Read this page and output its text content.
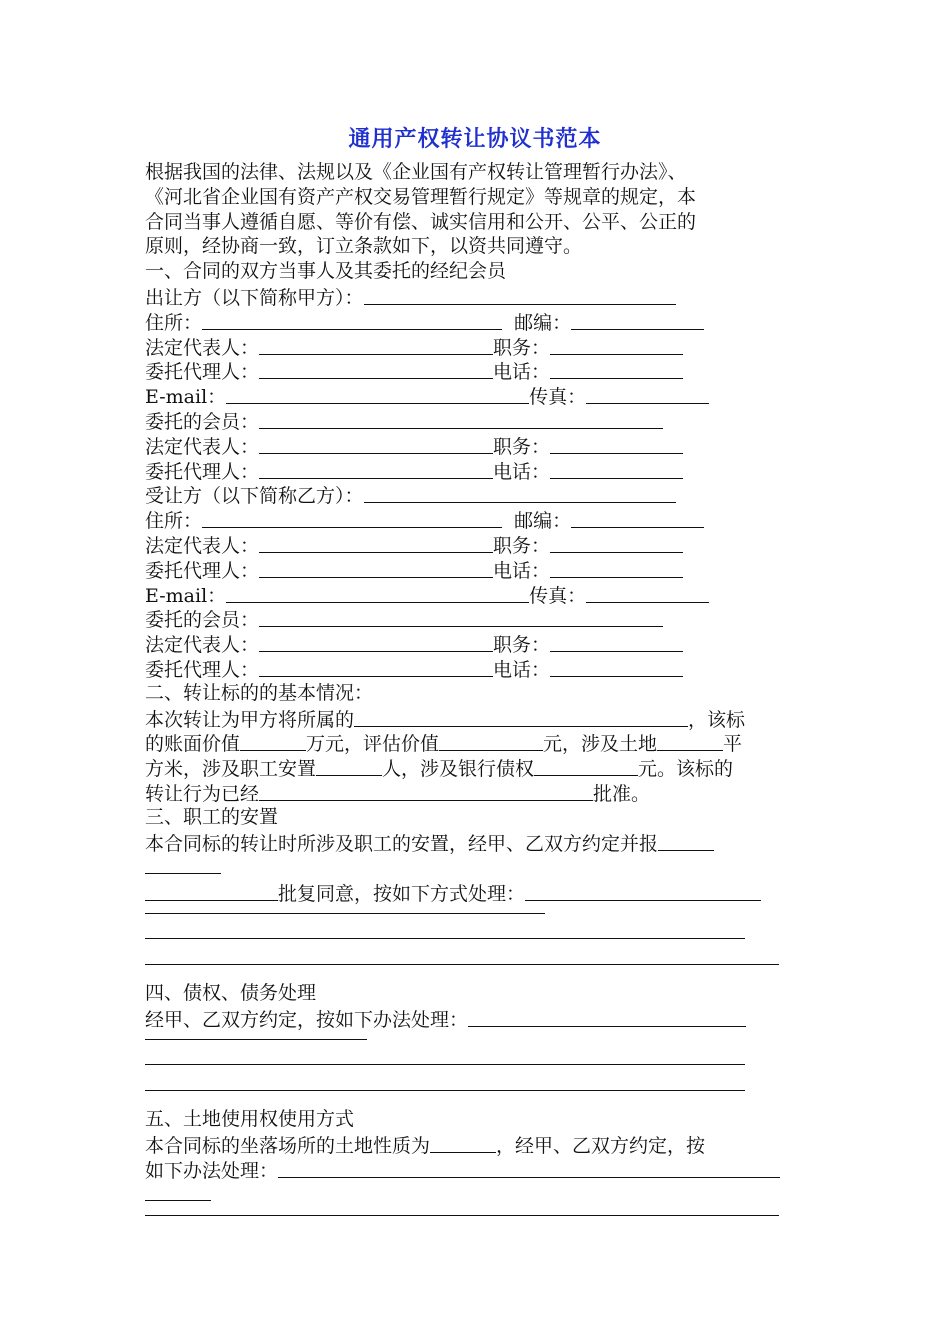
通用产权转让协议书范本
根据我国的法律、法规以及《企业国有产权转让管理暂行办法》、
《河北省企业国有资产产权交易管理暂行规定》等规章的规定，本
合同当事人遵循自愿、等价有偿、诚实信用和公开、公平、公正的
原则，经协商一致，订立条款如下，以资共同遵守。
一、合同的双方当事人及其委托的经纪会员
出让方（以下简称甲方）：
住所：	邮编：
法定代表人：	职务：
委托代理人：	电话：
E-mail：	传真：
委托的会员：
法定代表人：	职务：
委托代理人：	电话：
受让方（以下简称乙方）：
住所：	邮编：
法定代表人：	职务：
委托代理人：	电话：
E-mail：	传真：
委托的会员：
法定代表人：	职务：
委托代理人：	电话：
二、转让标的的基本情况：
本次转让为甲方将所属的	，该标
的账面价值	万元，评估价值	元，涉及土地	平
方米，涉及职工安置	人，涉及银行债权	元。该标的
转让行为已经	批准。
三、职工的安置
本合同标的转让时所涉及职工的安置，经甲、乙双方约定并报
批复同意，按如下方式处理：
四、债权、债务处理
经甲、乙双方约定，按如下办法处理：
五、土地使用权使用方式
本合同标的坐落场所的土地性质为	，经甲、乙双方约定，按
如下办法处理：
